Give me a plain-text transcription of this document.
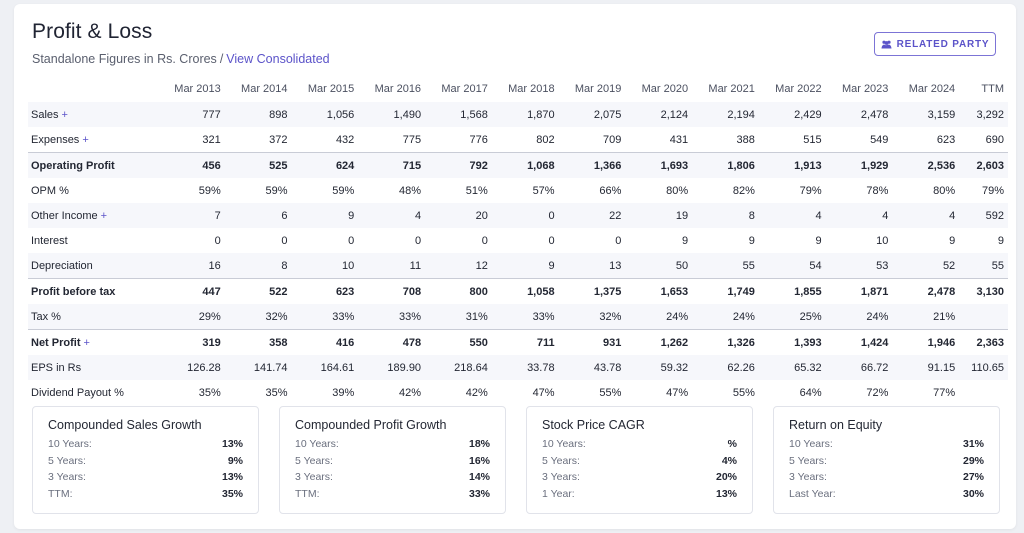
Profit & Loss
Standalone Figures in Rs. Crores / View Consolidated
RELATED PARTY
	Mar 2013	Mar 2014	Mar 2015	Mar 2016	Mar 2017	Mar 2018	Mar 2019	Mar 2020	Mar 2021	Mar 2022	Mar 2023	Mar 2024	TTM
Sales +	777	898	1,056	1,490	1,568	1,870	2,075	2,124	2,194	2,429	2,478	3,159	3,292
Expenses +	321	372	432	775	776	802	709	431	388	515	549	623	690
Operating Profit	456	525	624	715	792	1,068	1,366	1,693	1,806	1,913	1,929	2,536	2,603
OPM %	59%	59%	59%	48%	51%	57%	66%	80%	82%	79%	78%	80%	79%
Other Income +	7	6	9	4	20	0	22	19	8	4	4	4	592
Interest	0	0	0	0	0	0	0	9	9	9	10	9	9
Depreciation	16	8	10	11	12	9	13	50	55	54	53	52	55
Profit before tax	447	522	623	708	800	1,058	1,375	1,653	1,749	1,855	1,871	2,478	3,130
Tax %	29%	32%	33%	33%	31%	33%	32%	24%	24%	25%	24%	21%	
Net Profit +	319	358	416	478	550	711	931	1,262	1,326	1,393	1,424	1,946	2,363
EPS in Rs	126.28	141.74	164.61	189.90	218.64	33.78	43.78	59.32	62.26	65.32	66.72	91.15	110.65
Dividend Payout %	35%	35%	39%	42%	42%	47%	55%	47%	55%	64%	72%	77%	
Compounded Sales Growth
10 Years:	13%
5 Years:	9%
3 Years:	13%
TTM:	35%
Compounded Profit Growth
10 Years:	18%
5 Years:	16%
3 Years:	14%
TTM:	33%
Stock Price CAGR
10 Years:	%
5 Years:	4%
3 Years:	20%
1 Year:	13%
Return on Equity
10 Years:	31%
5 Years:	29%
3 Years:	27%
Last Year:	30%
